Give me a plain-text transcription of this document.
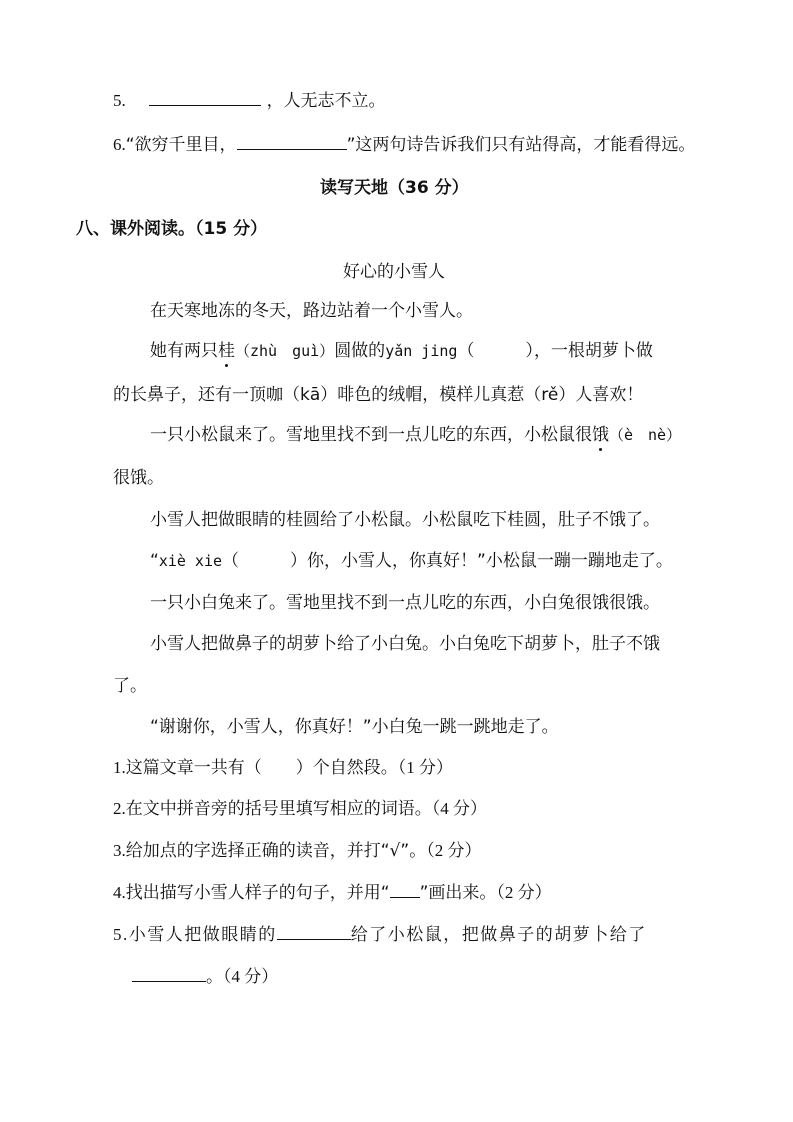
5.	，人无志不立。
6.“欲穷千里目，	”这两句诗告诉我们只有站得高，才能看得远。
读写天地（36 分）
八、课外阅读。（15 分）
好心的小雪人
在天寒地冻的冬天，路边站着一个小雪人。
她有两只桂（zhù　guì）圆做的yǎn jing（　　　），一根胡萝卜做
的长鼻子，还有一顶咖（kā）啡色的绒帽，模样儿真惹（rě）人喜欢！
一只小松鼠来了。雪地里找不到一点儿吃的东西，小松鼠很饿（è　nè）
很饿。
小雪人把做眼睛的桂圆给了小松鼠。小松鼠吃下桂圆，肚子不饿了。
“xiè xie（　　　）你，小雪人，你真好！”小松鼠一蹦一蹦地走了。
一只小白兔来了。雪地里找不到一点儿吃的东西，小白兔很饿很饿。
小雪人把做鼻子的胡萝卜给了小白兔。小白兔吃下胡萝卜，肚子不饿
了。
“谢谢你，小雪人，你真好！”小白兔一跳一跳地走了。
1.这篇文章一共有（　　）个自然段。（1 分）
2.在文中拼音旁的括号里填写相应的词语。（4 分）
3.给加点的字选择正确的读音，并打“√”。（2 分）
4.找出描写小雪人样子的句子，并用“ ”画出来。（2 分）
5.小雪人把做眼睛的	给了小松鼠，把做鼻子的胡萝卜给了
。（4 分）
